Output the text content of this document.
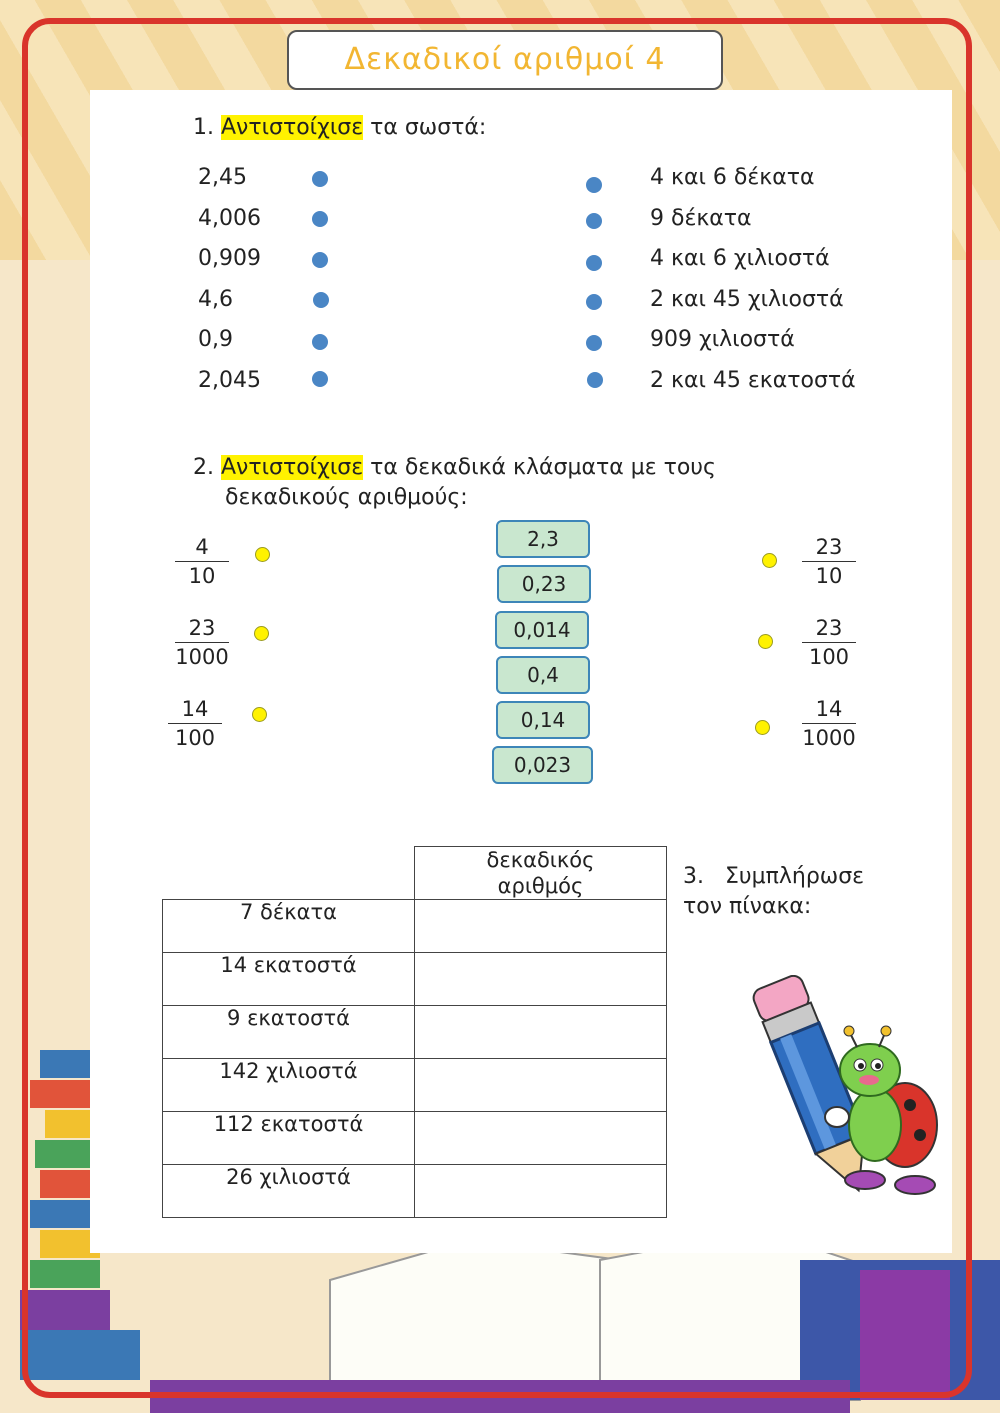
Δεκαδικοί αριθμοί 4
1. Αντιστοίχισε τα σωστά:
2,45
4,006
0,909
4,6
0,9
2,045
4 και 6 δέκατα
9 δέκατα
4 και 6 χιλιοστά
2 και 45 χιλιοστά
909 χιλιοστά
2 και 45 εκατοστά
2. Αντιστοίχισε τα δεκαδικά κλάσματα με τους
δεκαδικούς αριθμούς:
4
10
23
1000
14
100
2,3
0,23
0,014
0,4
0,14
0,023
23
10
23
100
14
1000

	δεκαδικός
αριθμός

7 δέκατα	
14 εκατοστά	
9 εκατοστά	
142 χιλιοστά	
112 εκατοστά	
26 χιλιοστά	
3. Συμπλήρωσε
τον πίνακα:
